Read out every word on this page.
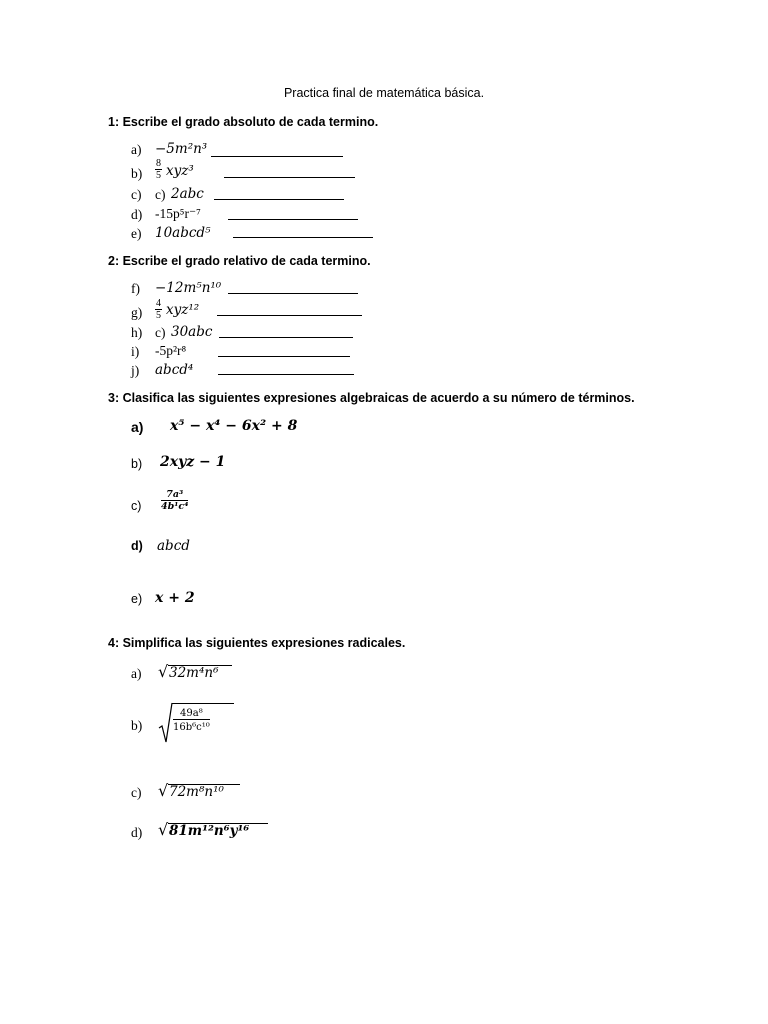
Practica final de matemática básica.
1: Escribe el grado absoluto de cada termino.
a) −5m²n³
$b) \frac{8}{5} xyz^3$
c) c) 2abc
d) -15p⁵r⁻⁷
e) 10abcd⁵
2: Escribe el grado relativo de cada termino.
f) −12m⁵n¹⁰
$g) \frac{4}{5} xyz^{12}$
h) c) 30abc
i) -5p²r⁸
j) abcd⁴
3: Clasifica las siguientes expresiones algebraicas de acuerdo a su número de términos.
a) x⁵ − x⁴ − 6x² + 8
b) 2xyz − 1
$c) \frac{\text{7a³}}{\text{4b¹c⁴}}$
d) abcd
e) x + 2
4: Simplifica las siguientes expresiones radicales.
a) √ 32m⁴n⁶
b)	$\frac{\text{49a⁸}}{\text{16b⁶c¹⁰}}$
c) √ 72m⁸n¹⁰
d) √ 81m¹²n⁶y¹⁶
